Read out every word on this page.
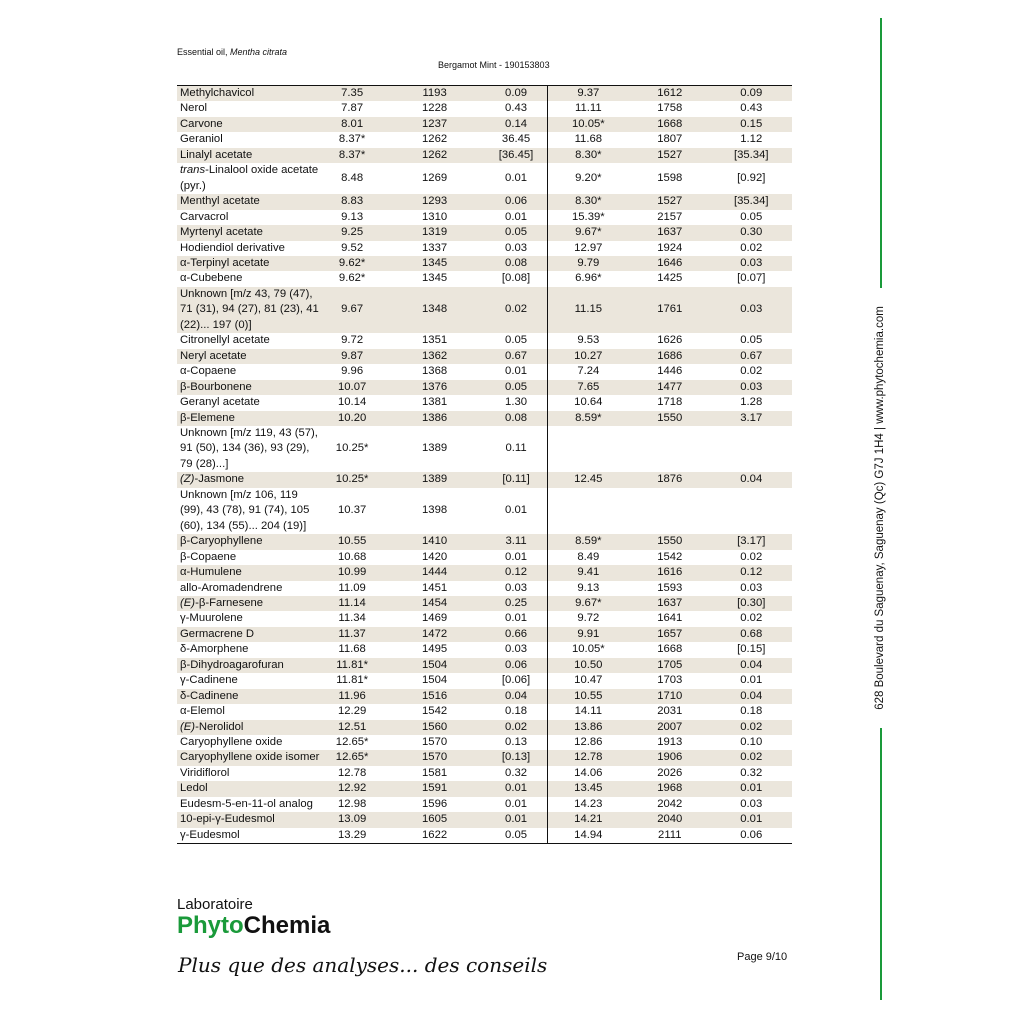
Essential oil, Mentha citrata
Bergamot Mint - 190153803
Methylchavicol	7.35	1193	0.09	9.37	1612	0.09
Nerol	7.87	1228	0.43	11.11	1758	0.43
Carvone	8.01	1237	0.14	10.05*	1668	0.15
Geraniol	8.37*	1262	36.45	11.68	1807	1.12
Linalyl acetate	8.37*	1262	[36.45]	8.30*	1527	[35.34]
trans-Linalool oxide acetate (pyr.)	8.48	1269	0.01	9.20*	1598	[0.92]
Menthyl acetate	8.83	1293	0.06	8.30*	1527	[35.34]
Carvacrol	9.13	1310	0.01	15.39*	2157	0.05
Myrtenyl acetate	9.25	1319	0.05	9.67*	1637	0.30
Hodiendiol derivative	9.52	1337	0.03	12.97	1924	0.02
α-Terpinyl acetate	9.62*	1345	0.08	9.79	1646	0.03
α-Cubebene	9.62*	1345	[0.08]	6.96*	1425	[0.07]
Unknown [m/z 43, 79 (47), 71 (31), 94 (27), 81 (23), 41 (22)... 197 (0)]	9.67	1348	0.02	11.15	1761	0.03
Citronellyl acetate	9.72	1351	0.05	9.53	1626	0.05
Neryl acetate	9.87	1362	0.67	10.27	1686	0.67
α-Copaene	9.96	1368	0.01	7.24	1446	0.02
β-Bourbonene	10.07	1376	0.05	7.65	1477	0.03
Geranyl acetate	10.14	1381	1.30	10.64	1718	1.28
β-Elemene	10.20	1386	0.08	8.59*	1550	3.17
Unknown [m/z 119, 43 (57), 91 (50), 134 (36), 93 (29), 79 (28)...]	10.25*	1389	0.11			
(Z)-Jasmone	10.25*	1389	[0.11]	12.45	1876	0.04
Unknown [m/z 106, 119 (99), 43 (78), 91 (74), 105 (60), 134 (55)... 204 (19)]	10.37	1398	0.01			
β-Caryophyllene	10.55	1410	3.11	8.59*	1550	[3.17]
β-Copaene	10.68	1420	0.01	8.49	1542	0.02
α-Humulene	10.99	1444	0.12	9.41	1616	0.12
allo-Aromadendrene	11.09	1451	0.03	9.13	1593	0.03
(E)-β-Farnesene	11.14	1454	0.25	9.67*	1637	[0.30]
γ-Muurolene	11.34	1469	0.01	9.72	1641	0.02
Germacrene D	11.37	1472	0.66	9.91	1657	0.68
δ-Amorphene	11.68	1495	0.03	10.05*	1668	[0.15]
β-Dihydroagarofuran	11.81*	1504	0.06	10.50	1705	0.04
γ-Cadinene	11.81*	1504	[0.06]	10.47	1703	0.01
δ-Cadinene	11.96	1516	0.04	10.55	1710	0.04
α-Elemol	12.29	1542	0.18	14.11	2031	0.18
(E)-Nerolidol	12.51	1560	0.02	13.86	2007	0.02
Caryophyllene oxide	12.65*	1570	0.13	12.86	1913	0.10
Caryophyllene oxide isomer	12.65*	1570	[0.13]	12.78	1906	0.02
Viridiflorol	12.78	1581	0.32	14.06	2026	0.32
Ledol	12.92	1591	0.01	13.45	1968	0.01
Eudesm-5-en-11-ol analog	12.98	1596	0.01	14.23	2042	0.03
10-epi-γ-Eudesmol	13.09	1605	0.01	14.21	2040	0.01
γ-Eudesmol	13.29	1622	0.05	14.94	2111	0.06
Laboratoire
PhytoChemia
Plus que des analyses... des conseils	Page 9/10
628 Boulevard du Saguenay, Saguenay (Qc) G7J 1H4 | www.phytochemia.com
